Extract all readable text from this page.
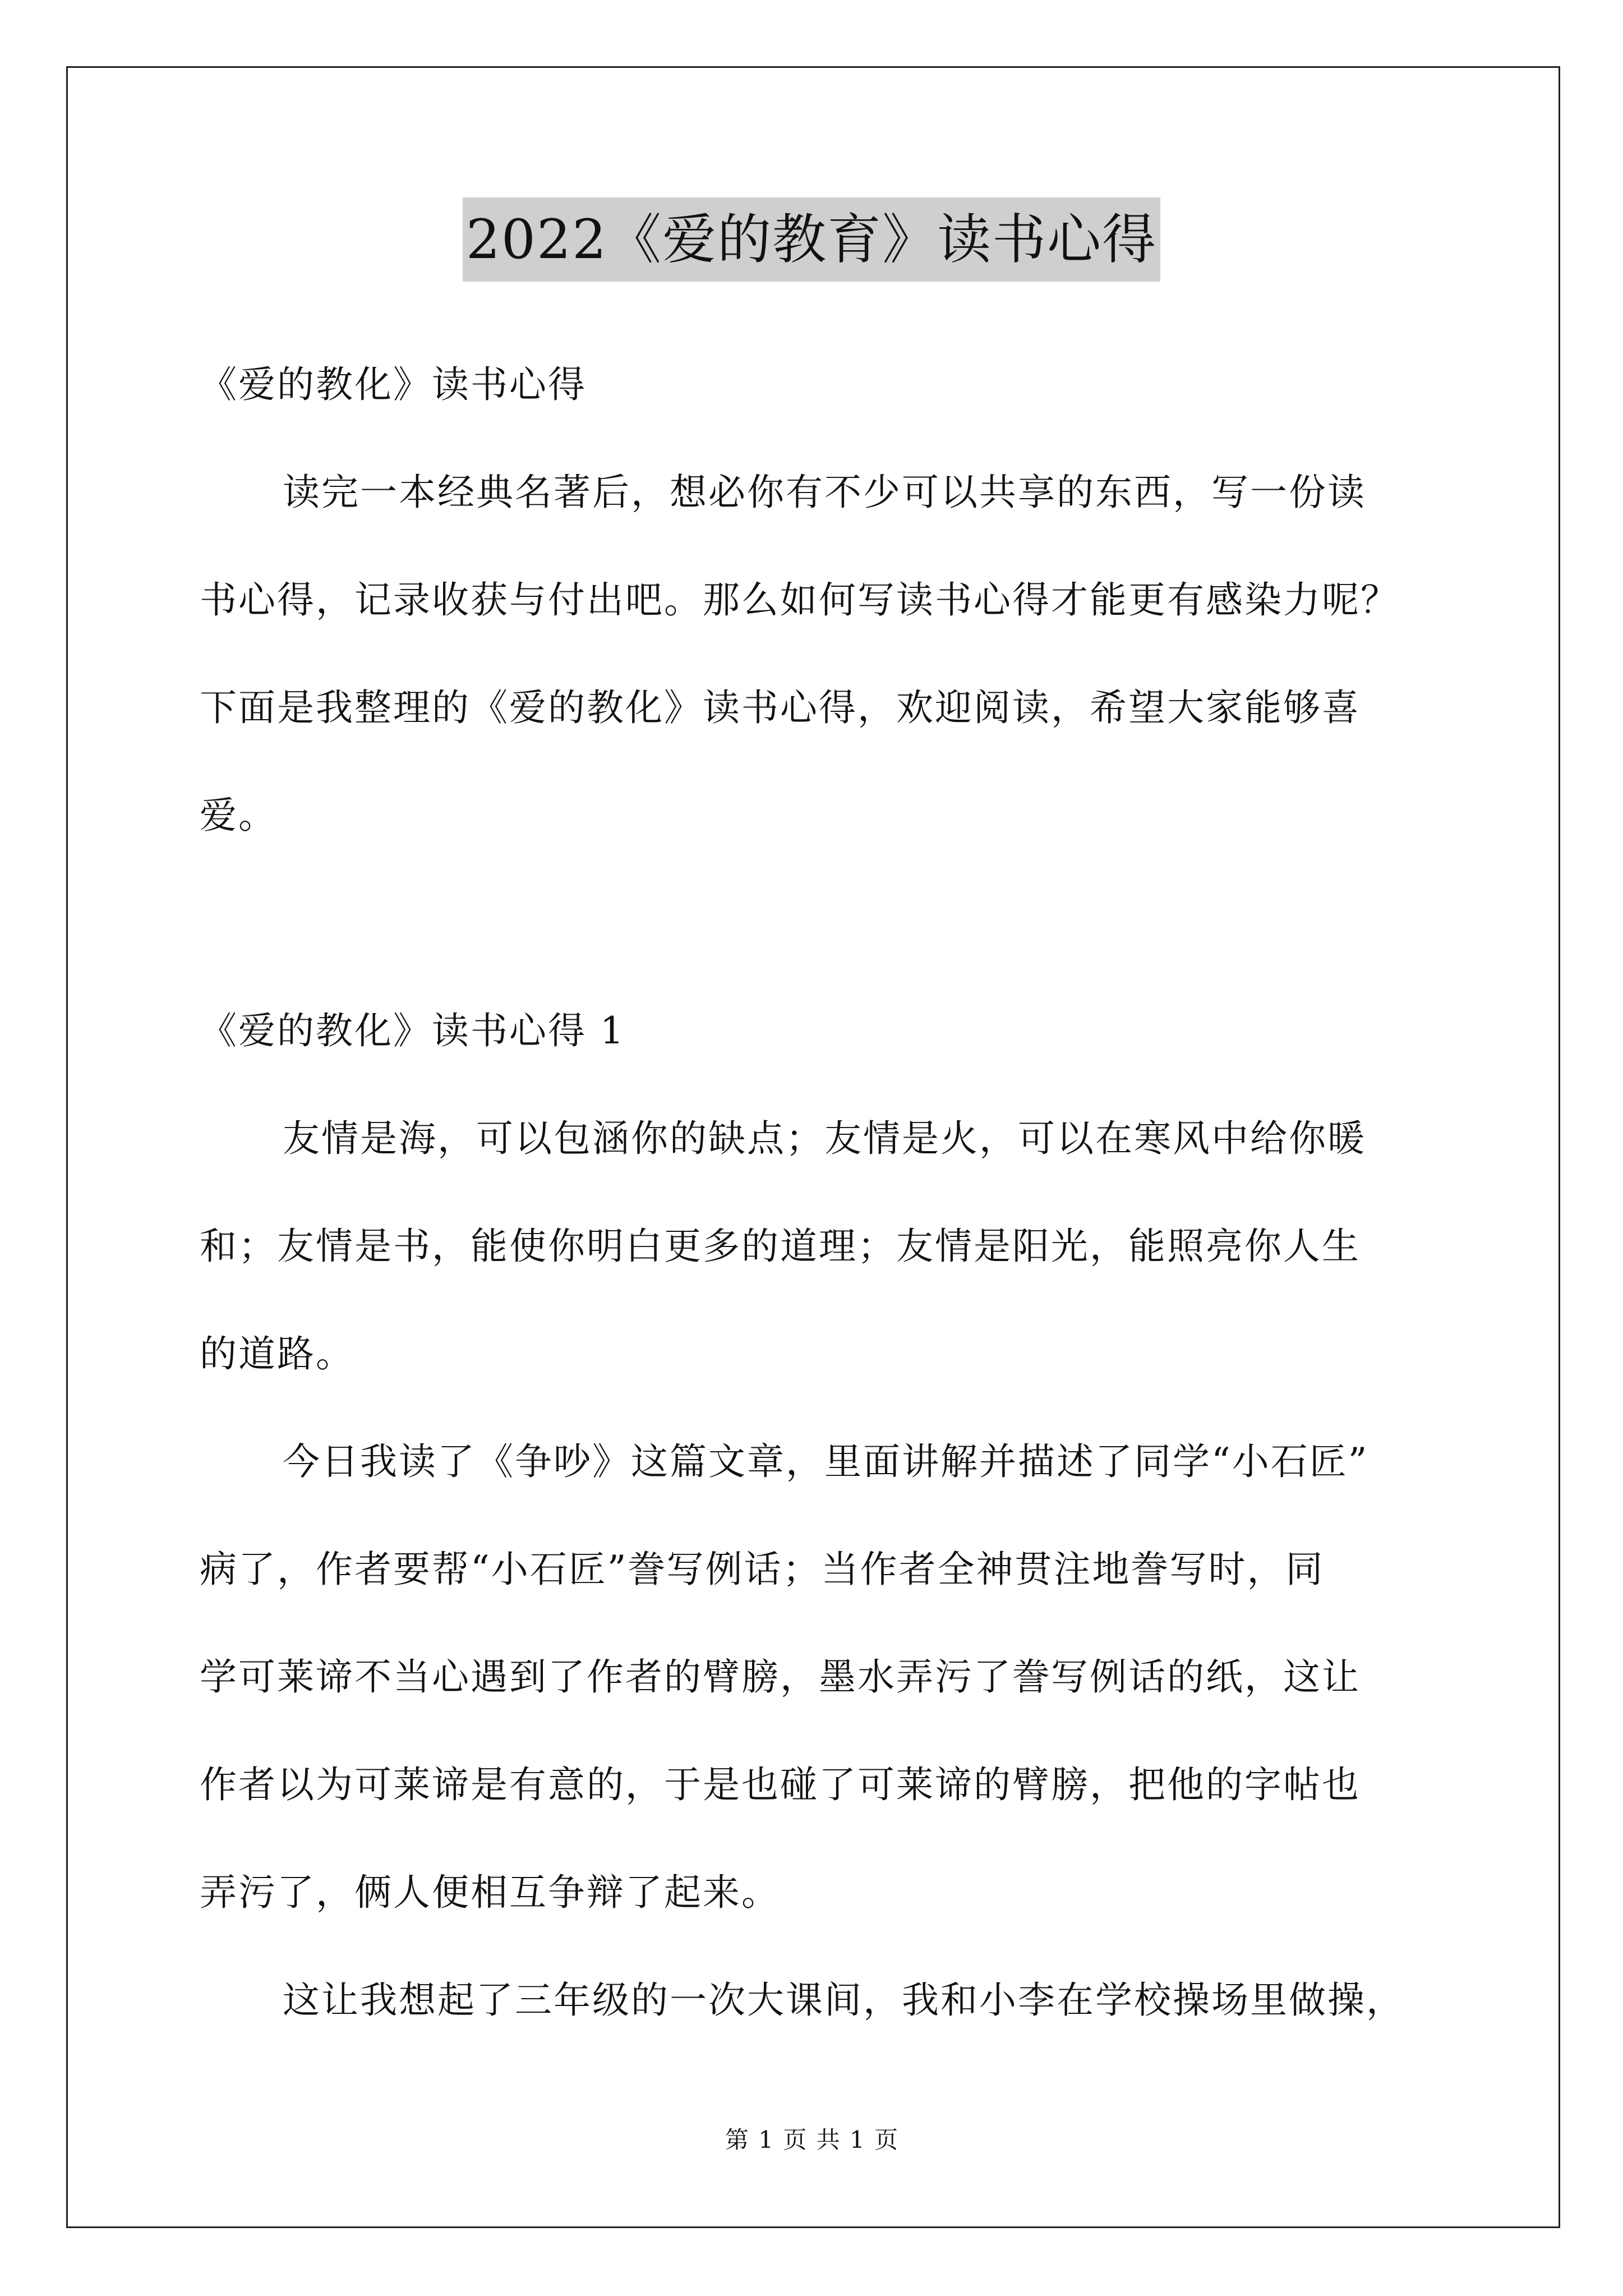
2022《爱的教育》读书心得
《爱的教化》读书心得
读完一本经典名著后，想必你有不少可以共享的东西，写一份读
书心得，记录收获与付出吧。那么如何写读书心得才能更有感染力呢？
下面是我整理的《爱的教化》读书心得，欢迎阅读，希望大家能够喜
爱。
《爱的教化》读书心得 1
友情是海，可以包涵你的缺点；友情是火，可以在寒风中给你暖
和；友情是书，能使你明白更多的道理；友情是阳光，能照亮你人生
的道路。
今日我读了《争吵》这篇文章，里面讲解并描述了同学“小石匠”
病了，作者要帮“小石匠”誊写例话；当作者全神贯注地誊写时，同
学可莱谛不当心遇到了作者的臂膀，墨水弄污了誊写例话的纸，这让
作者以为可莱谛是有意的，于是也碰了可莱谛的臂膀，把他的字帖也
弄污了，俩人便相互争辩了起来。
这让我想起了三年级的一次大课间，我和小李在学校操场里做操，
第 1 页 共 1 页
